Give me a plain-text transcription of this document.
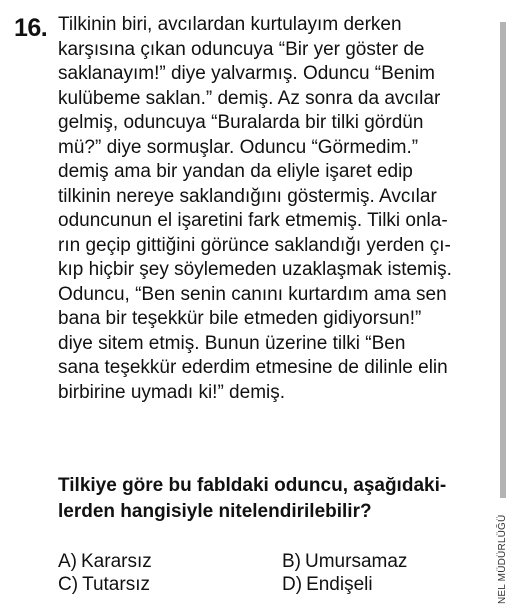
16. Tilkinin biri, avcılardan kurtulayım derken
karşısına çıkan oduncuya “Bir yer göster de
saklanayım!” diye yalvarmış. Oduncu “Benim
kulübeme saklan.” demiş. Az sonra da avcılar
gelmiş, oduncuya “Buralarda bir tilki gördün
mü?” diye sormuşlar. Oduncu “Görmedim.”
demiş ama bir yandan da eliyle işaret edip
tilkinin nereye saklandığını göstermiş. Avcılar
oduncunun el işaretini fark etmemiş. Tilki onla-
rın geçip gittiğini görünce saklandığı yerden çı-
kıp hiçbir şey söylemeden uzaklaşmak istemiş.
Oduncu, “Ben senin canını kurtardım ama sen
bana bir teşekkür bile etmeden gidiyorsun!”
diye sitem etmiş. Bunun üzerine tilki “Ben
sana teşekkür ederdim etmesine de dilinle elin
birbirine uymadı ki!” demiş.

Tilkiye göre bu fabldaki oduncu, aşağıdaki-
lerden hangisiyle nitelendirilebilir?

A) Kararsız	B) Umursamaz
C) Tutarsız	D) Endişeli	NEL MÜDÜRLÜĞÜ
